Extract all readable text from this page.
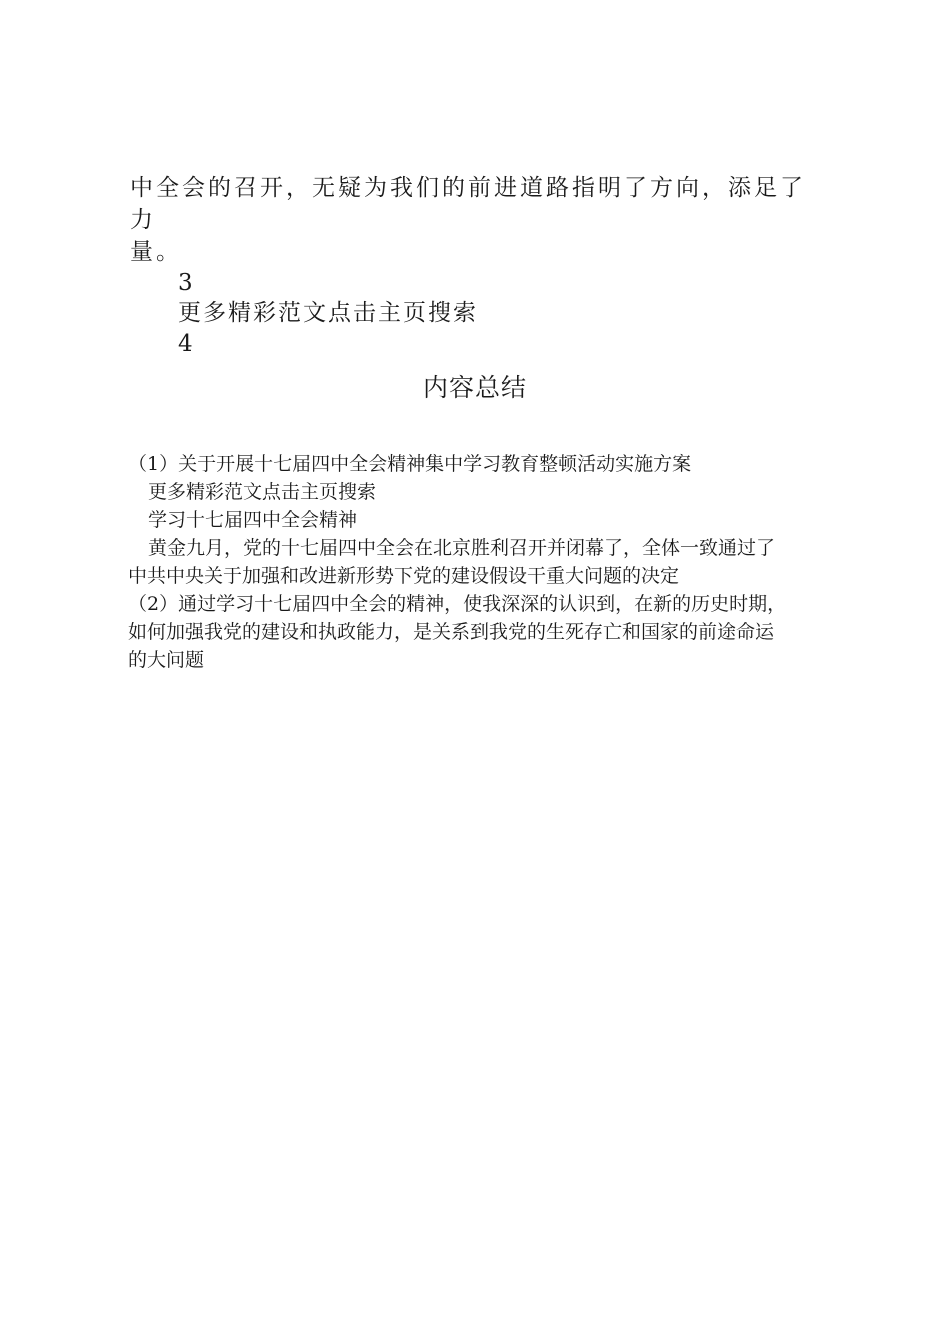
中全会的召开，无疑为我们的前进道路指明了方向，添足了力

量。

3

更多精彩范文点击主页搜索

4

内容总结

（1）关于开展十七届四中全会精神集中学习教育整顿活动实施方案

更多精彩范文点击主页搜索

学习十七届四中全会精神

黄金九月，党的十七届四中全会在北京胜利召开并闭幕了，全体一致通过了

中共中央关于加强和改进新形势下党的建设假设干重大问题的决定

（2）通过学习十七届四中全会的精神，使我深深的认识到，在新的历史时期，

如何加强我党的建设和执政能力，是关系到我党的生死存亡和国家的前途命运

的大问题
